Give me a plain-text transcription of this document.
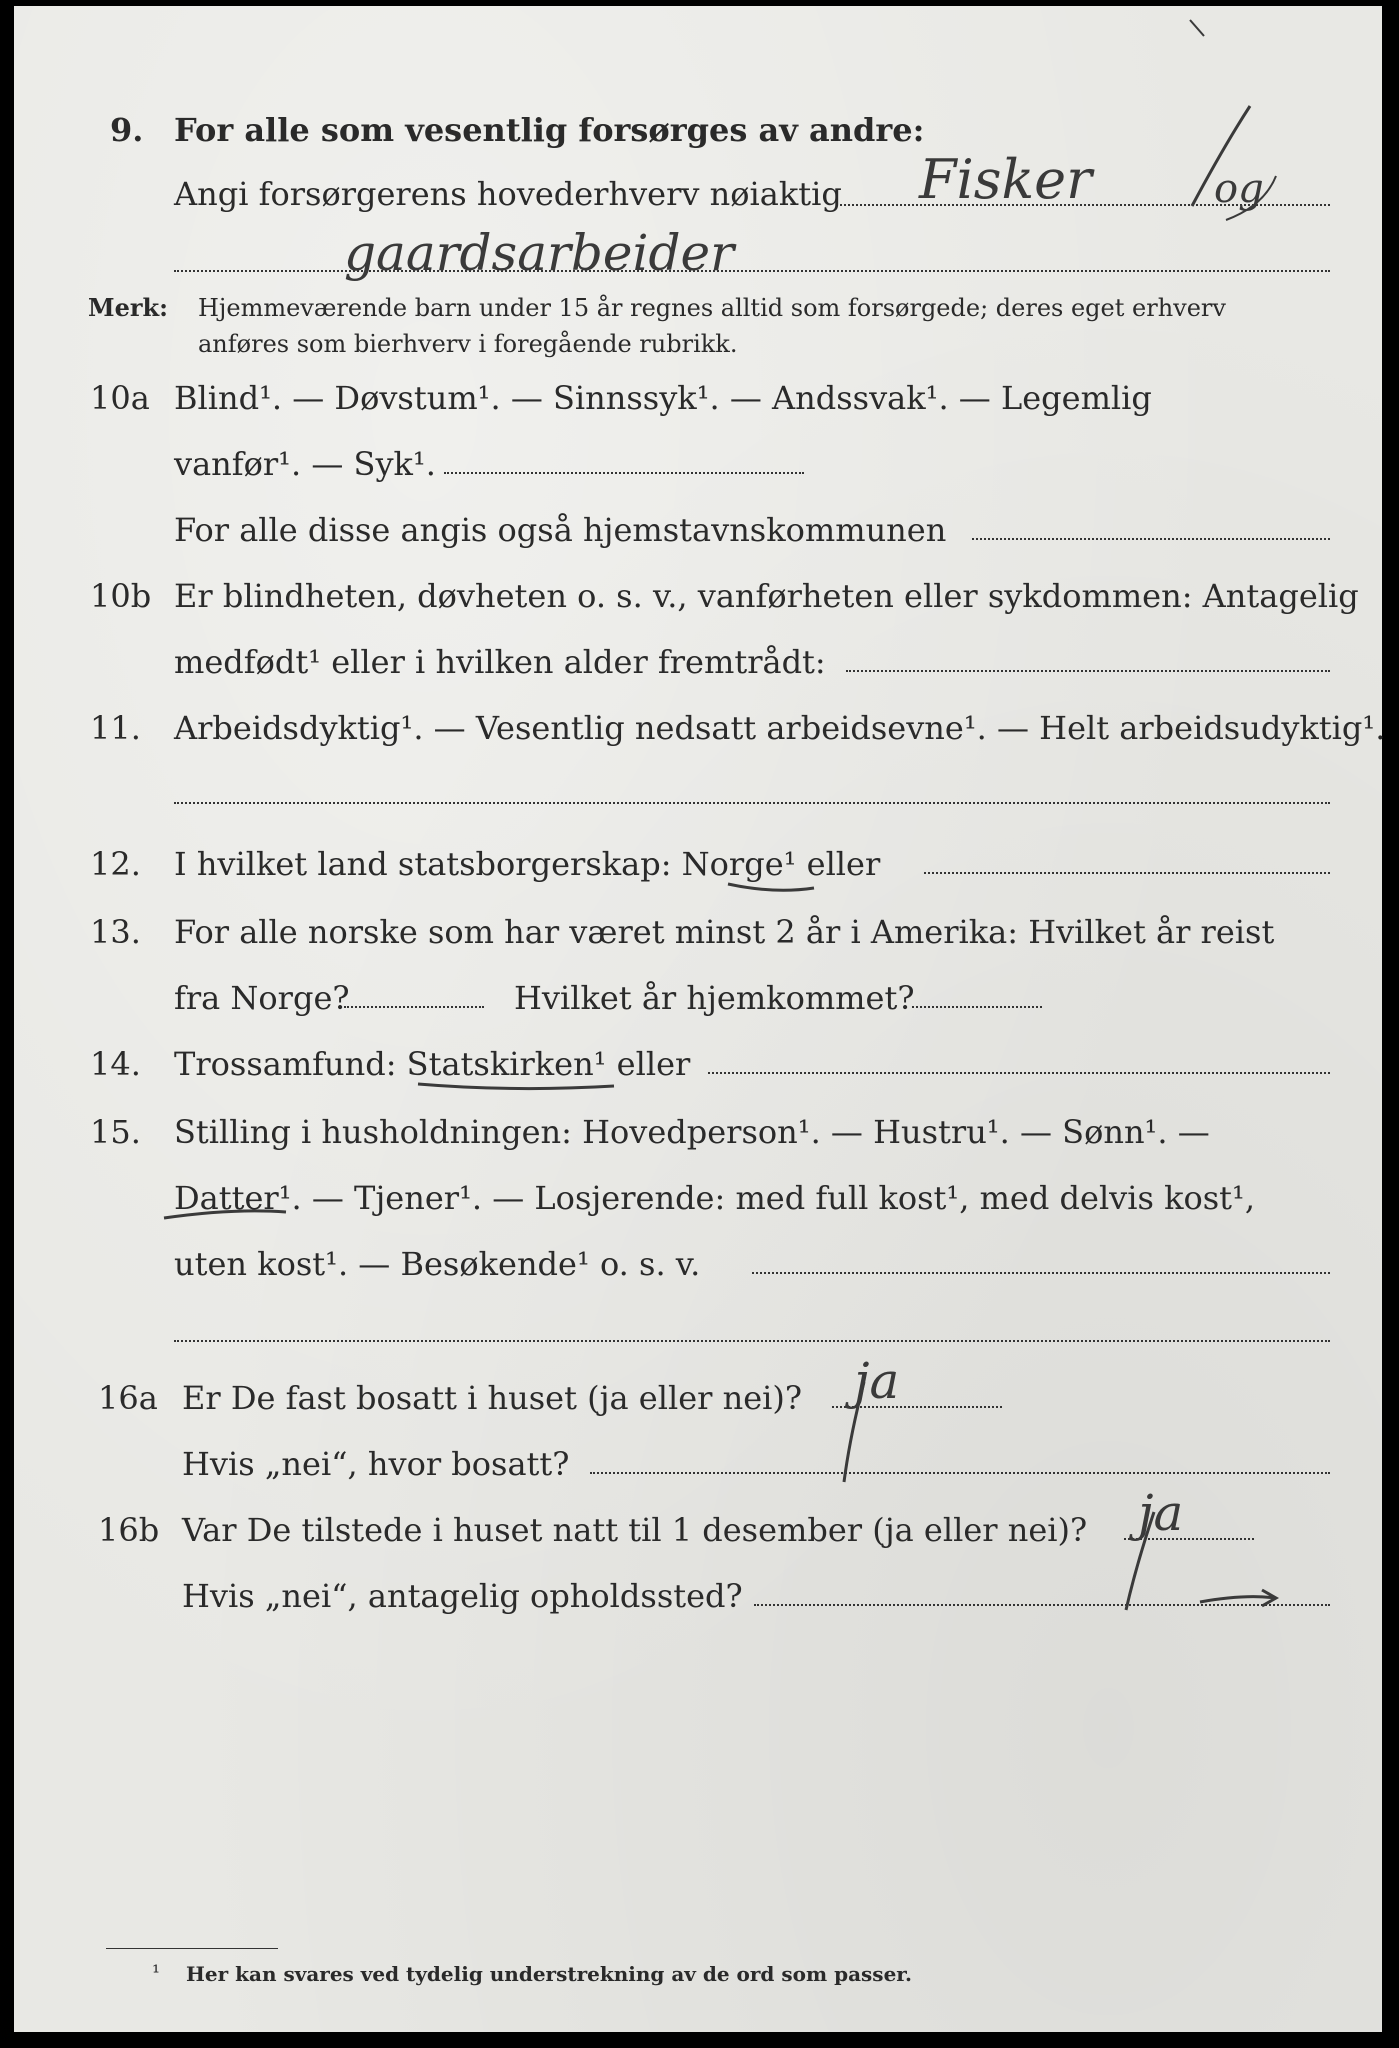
9. For alle som vesentlig forsørges av andre:
Angi forsørgerens hovederhverv nøiaktig Fisker	og
gaardsarbeider
Merk: Hjemmeværende barn under 15 år regnes alltid som forsørgede; deres eget erhverv
anføres som bierhverv i foregående rubrikk.
10a Blind¹. — Døvstum¹. — Sinnssyk¹. — Andssvak¹. — Legemlig
vanfør¹. — Syk¹.
For alle disse angis også hjemstavnskommunen
10b Er blindheten, døvheten o. s. v., vanførheten eller sykdommen: Antagelig
medfødt¹ eller i hvilken alder fremtrådt:
11. Arbeidsdyktig¹. — Vesentlig nedsatt arbeidsevne¹. — Helt arbeidsudyktig¹.
12. I hvilket land statsborgerskap: Norge¹ eller
13. For alle norske som har været minst 2 år i Amerika: Hvilket år reist
fra Norge?	Hvilket år hjemkommet?
14. Trossamfund: Statskirken¹ eller
15. Stilling i husholdningen: Hovedperson¹. — Hustru¹. — Sønn¹. —
Datter¹. — Tjener¹. — Losjerende: med full kost¹, med delvis kost¹,
uten kost¹. — Besøkende¹ o. s. v.
16a Er De fast bosatt i huset (ja eller nei)? ja
Hvis „nei“, hvor bosatt?
16b Var De tilstede i huset natt til 1 desember (ja eller nei)? ja
Hvis „nei“, antagelig opholdssted?
¹ Her kan svares ved tydelig understrekning av de ord som passer.
